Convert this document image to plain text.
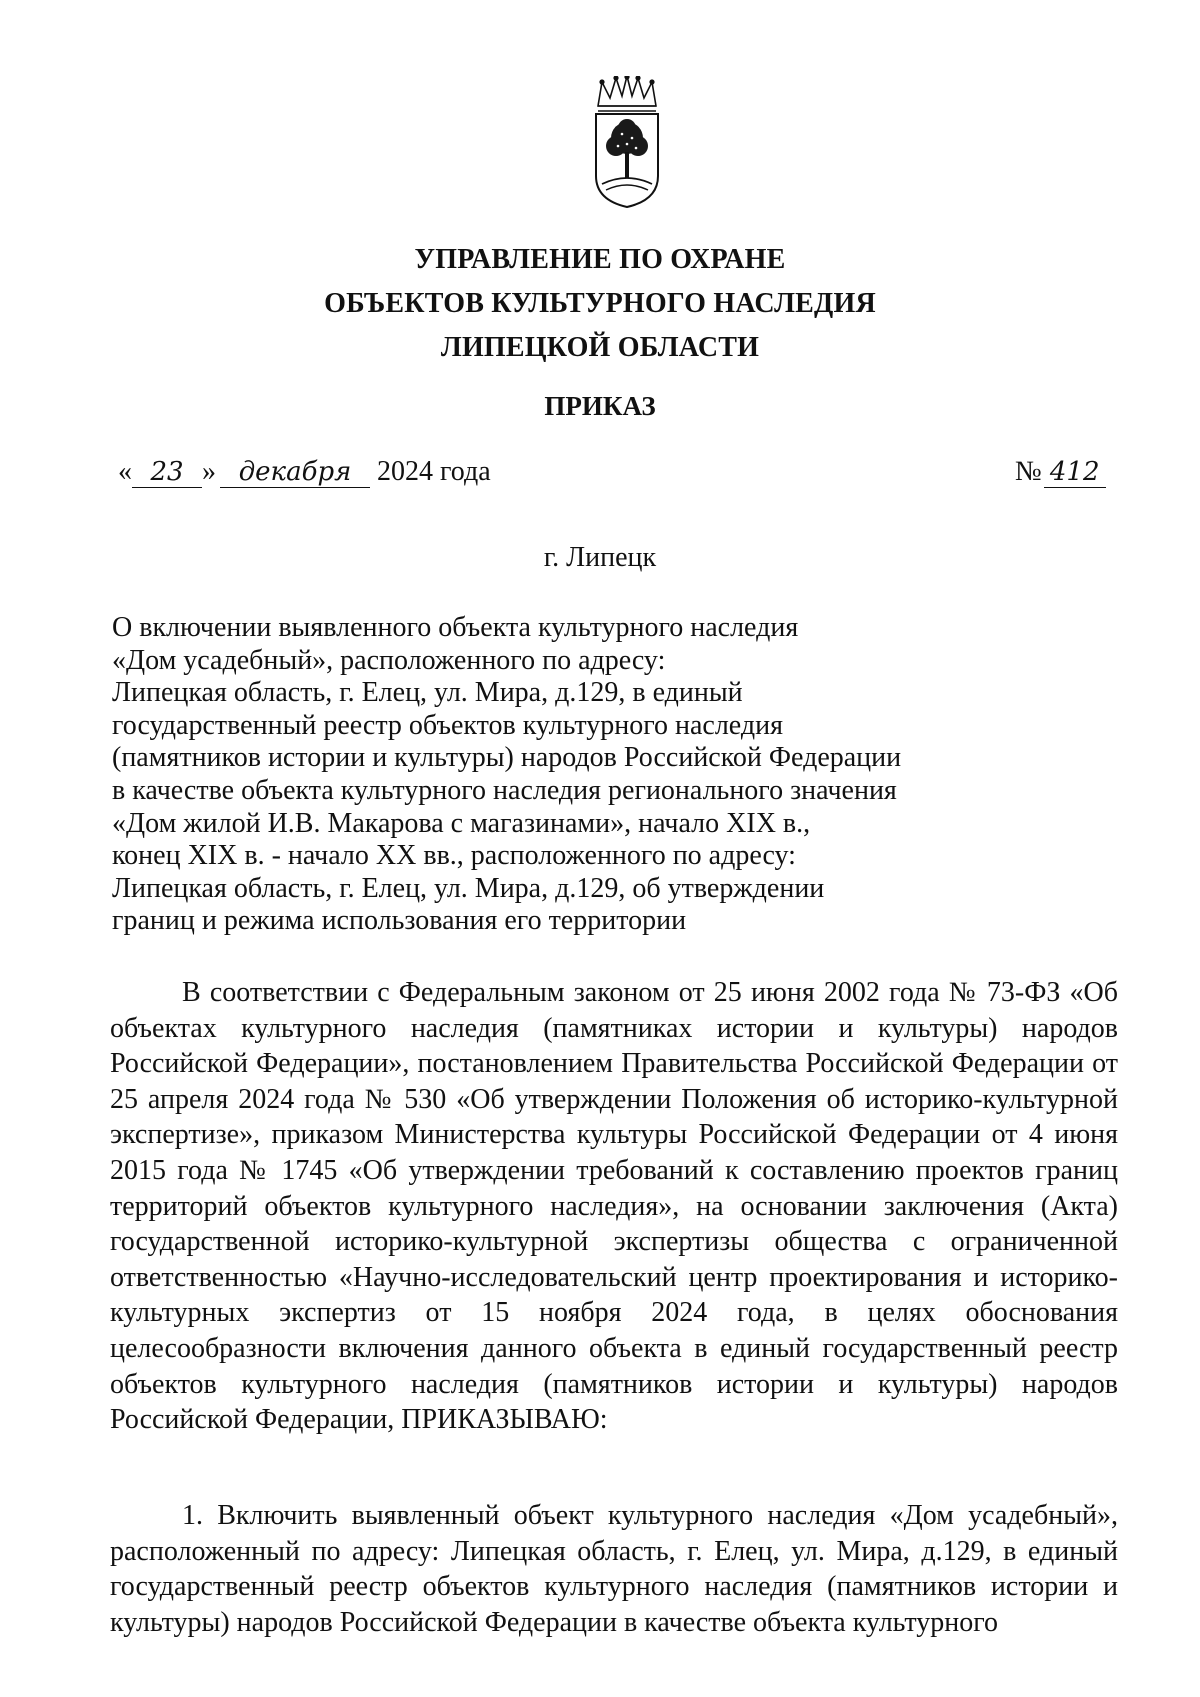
УПРАВЛЕНИЕ ПО ОХРАНЕ
ОБЪЕКТОВ КУЛЬТУРНОГО НАСЛЕДИЯ
ЛИПЕЦКОЙ ОБЛАСТИ
ПРИКАЗ
« 23 » декабря 2024 года	№ 412
г. Липецк
О включении выявленного объекта культурного наследия
«Дом усадебный», расположенного по адресу:
Липецкая область, г. Елец, ул. Мира, д.129, в единый
государственный реестр объектов культурного наследия
(памятников истории и культуры) народов Российской Федерации
в качестве объекта культурного наследия регионального значения
«Дом жилой И.В. Макарова с магазинами», начало XIX в.,
конец XIX в. - начало XX вв., расположенного по адресу:
Липецкая область, г. Елец, ул. Мира, д.129, об утверждении
границ и режима использования его территории

В соответствии с Федеральным законом от 25 июня 2002 года № 73-ФЗ «Об объектах культурного наследия (памятниках истории и культуры) народов Российской Федерации», постановлением Правительства Российской Федерации от 25 апреля 2024 года № 530 «Об утверждении Положения об историко-культурной экспертизе», приказом Министерства культуры Российской Федерации от 4 июня 2015 года № 1745 «Об утверждении требований к составлению проектов границ территорий объектов культурного наследия», на основании заключения (Акта) государственной историко-культурной экспертизы общества с ограниченной ответственностью «Научно-исследовательский центр проектирования и историко-культурных экспертиз от 15 ноября 2024 года, в целях обоснования целесообразности включения данного объекта в единый государственный реестр объектов культурного наследия (памятников истории и культуры) народов Российской Федерации, ПРИКАЗЫВАЮ:

1. Включить выявленный объект культурного наследия «Дом усадебный», расположенный по адресу: Липецкая область, г. Елец, ул. Мира, д.129, в единый государственный реестр объектов культурного наследия (памятников истории и культуры) народов Российской Федерации в качестве объекта культурного
